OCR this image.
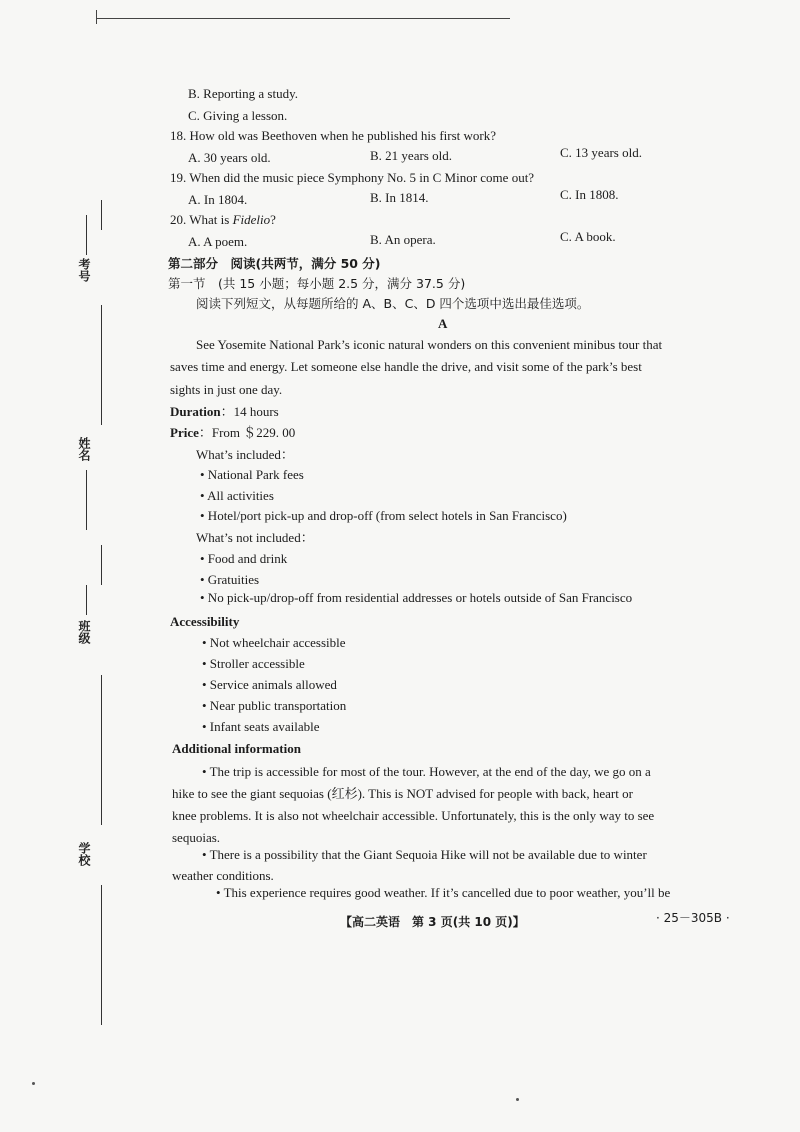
考号
姓名
班级
学校
B. Reporting a study.
C. Giving a lesson.
18. How old was Beethoven when he published his first work?
A. 30 years old.	B. 21 years old.	C. 13 years old.
19. When did the music piece Symphony No. 5 in C Minor come out?
A. In 1804.	B. In 1814.	C. In 1808.
20. What is Fidelio?
A. A poem.	B. An opera.	C. A book.
第二部分　阅读(共两节，满分 50 分)
第一节　(共 15 小题；每小题 2.5 分，满分 37.5 分)
阅读下列短文，从每题所给的 A、B、C、D 四个选项中选出最佳选项。
A
See Yosemite National Park’s iconic natural wonders on this convenient minibus tour that
saves time and energy. Let someone else handle the drive, and visit some of the park’s best
sights in just one day.
Duration：14 hours
Price：From ＄229. 00
What’s included：
• National Park fees
• All activities
• Hotel/port pick-up and drop-off (from select hotels in San Francisco)
What’s not included：
• Food and drink
• Gratuities
• No pick-up/drop-off from residential addresses or hotels outside of San Francisco
Accessibility
• Not wheelchair accessible
• Stroller accessible
• Service animals allowed
• Near public transportation
• Infant seats available
Additional information
• The trip is accessible for most of the tour. However, at the end of the day, we go on a
hike to see the giant sequoias (红杉). This is NOT advised for people with back, heart or
knee problems. It is also not wheelchair accessible. Unfortunately, this is the only way to see
sequoias.
• There is a possibility that the Giant Sequoia Hike will not be available due to winter
weather conditions.
• This experience requires good weather. If it’s cancelled due to poor weather, you’ll be
【高二英语　第 3 页(共 10 页)】	· 25－305B ·
